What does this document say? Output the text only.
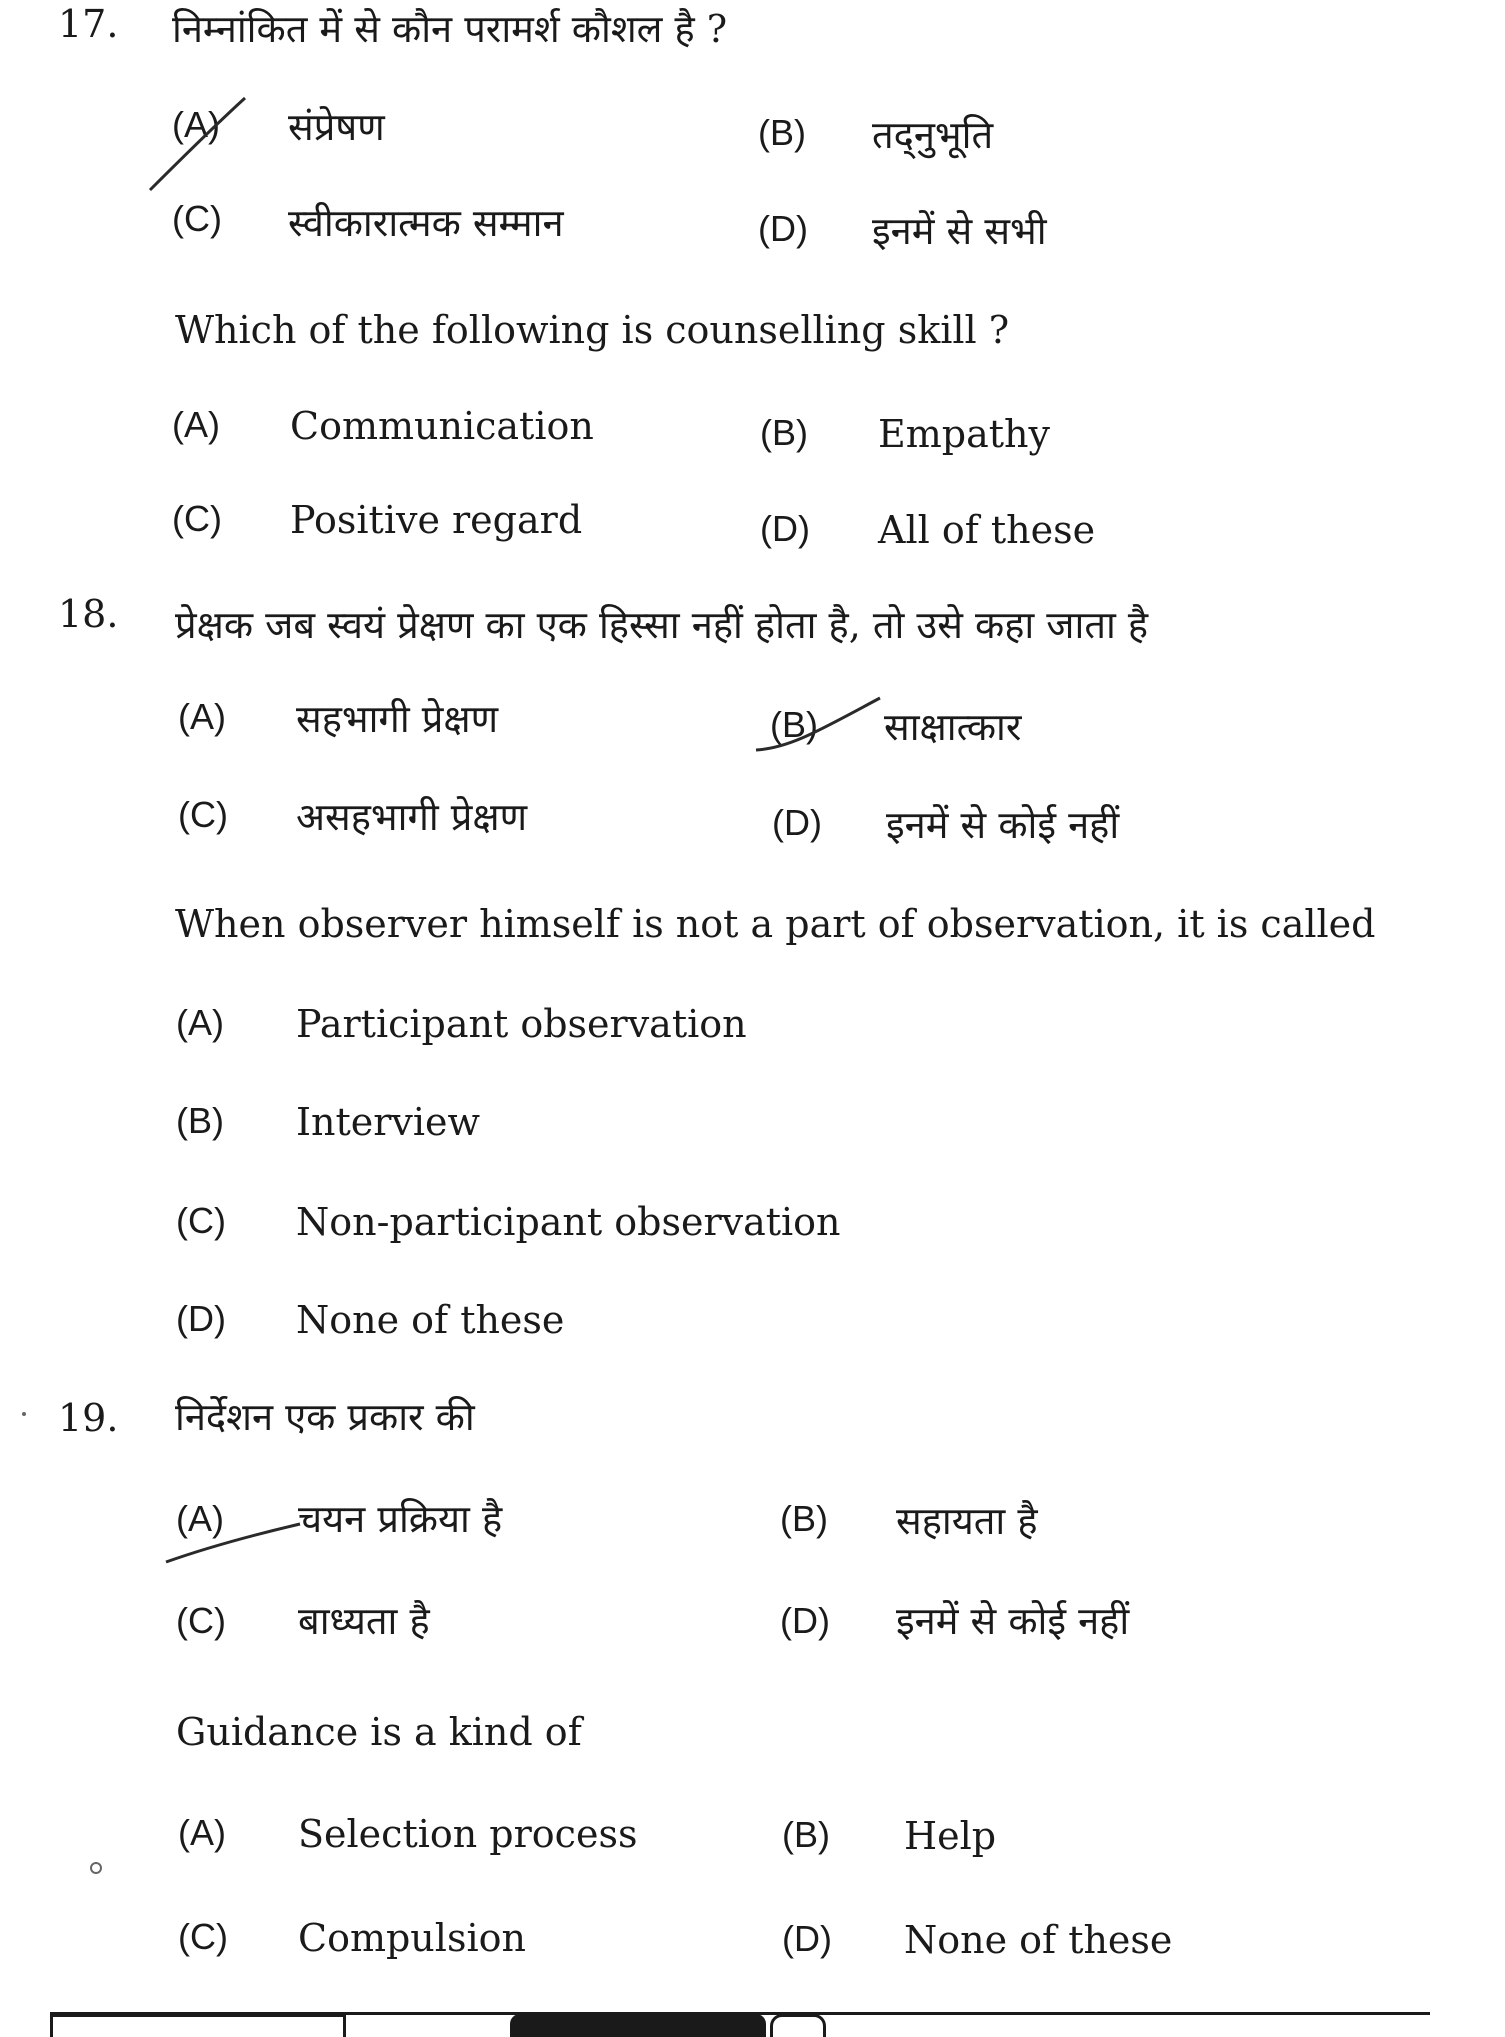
17. निम्नांकित में से कौन परामर्श कौशल है ?
(A) संप्रेषण	(B) तद्नुभूति
(C) स्वीकारात्मक सम्मान	(D) इनमें से सभी
Which of the following is counselling skill ?
(A) Communication	(B) Empathy
(C) Positive regard	(D) All of these
18. प्रेक्षक जब स्वयं प्रेक्षण का एक हिस्सा नहीं होता है, तो उसे कहा जाता है
(A) सहभागी प्रेक्षण	(B) साक्षात्कार
(C) असहभागी प्रेक्षण	(D) इनमें से कोई नहीं
When observer himself is not a part of observation, it is called
(A) Participant observation
(B) Interview
(C) Non-participant observation
(D) None of these
19. निर्देशन एक प्रकार की
(A) चयन प्रक्रिया है	(B) सहायता है
(C) बाध्यता है	(D) इनमें से कोई नहीं
Guidance is a kind of
(A) Selection process	(B) Help
(C) Compulsion	(D) None of these
